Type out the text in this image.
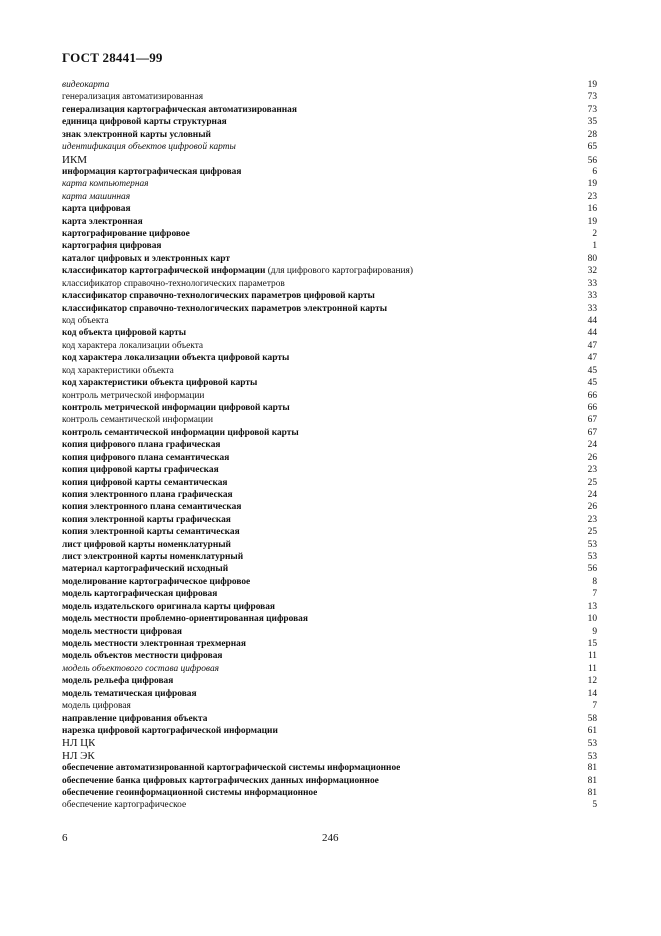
ГОСТ 28441—99
видеокарта	19
генерализация автоматизированная	73
генерализация картографическая автоматизированная	73
единица цифровой карты структурная	35
знак электронной карты условный	28
идентификация объектов цифровой карты	65
ИКМ	56
информация картографическая цифровая	6
карта компьютерная	19
карта машинная	23
карта цифровая	16
карта электронная	19
картографирование цифровое	2
картография цифровая	1
каталог цифровых и электронных карт	80
классификатор картографической информации (для цифрового картографирования)	32
классификатор справочно-технологических параметров	33
классификатор справочно-технологических параметров цифровой карты	33
классификатор справочно-технологических параметров электронной карты	33
код объекта	44
код объекта цифровой карты	44
код характера локализации объекта	47
код характера локализации объекта цифровой карты	47
код характеристики объекта	45
код характеристики объекта цифровой карты	45
контроль метрической информации	66
контроль метрической информации цифровой карты	66
контроль семантической информации	67
контроль семантической информации цифровой карты	67
копия цифрового плана графическая	24
копия цифрового плана семантическая	26
копия цифровой карты графическая	23
копия цифровой карты семантическая	25
копия электронного плана графическая	24
копия электронного плана семантическая	26
копия электронной карты графическая	23
копия электронной карты семантическая	25
лист цифровой карты номенклатурный	53
лист электронной карты номенклатурный	53
материал картографический исходный	56
моделирование картографическое цифровое	8
модель картографическая цифровая	7
модель издательского оригинала карты цифровая	13
модель местности проблемно-ориентированная цифровая	10
модель местности цифровая	9
модель местности электронная трехмерная	15
модель объектов местности цифровая	11
модель объектового состава цифровая	11
модель рельефа цифровая	12
модель тематическая цифровая	14
модель цифровая	7
направление цифрования объекта	58
нарезка цифровой картографической информации	61
НЛ ЦК	53
НЛ ЭК	53
обеспечение автоматизированной картографической системы информационное	81
обеспечение банка цифровых картографических данных информационное	81
обеспечение геоинформационной системы информационное	81
обеспечение картографическое	5
6	246
